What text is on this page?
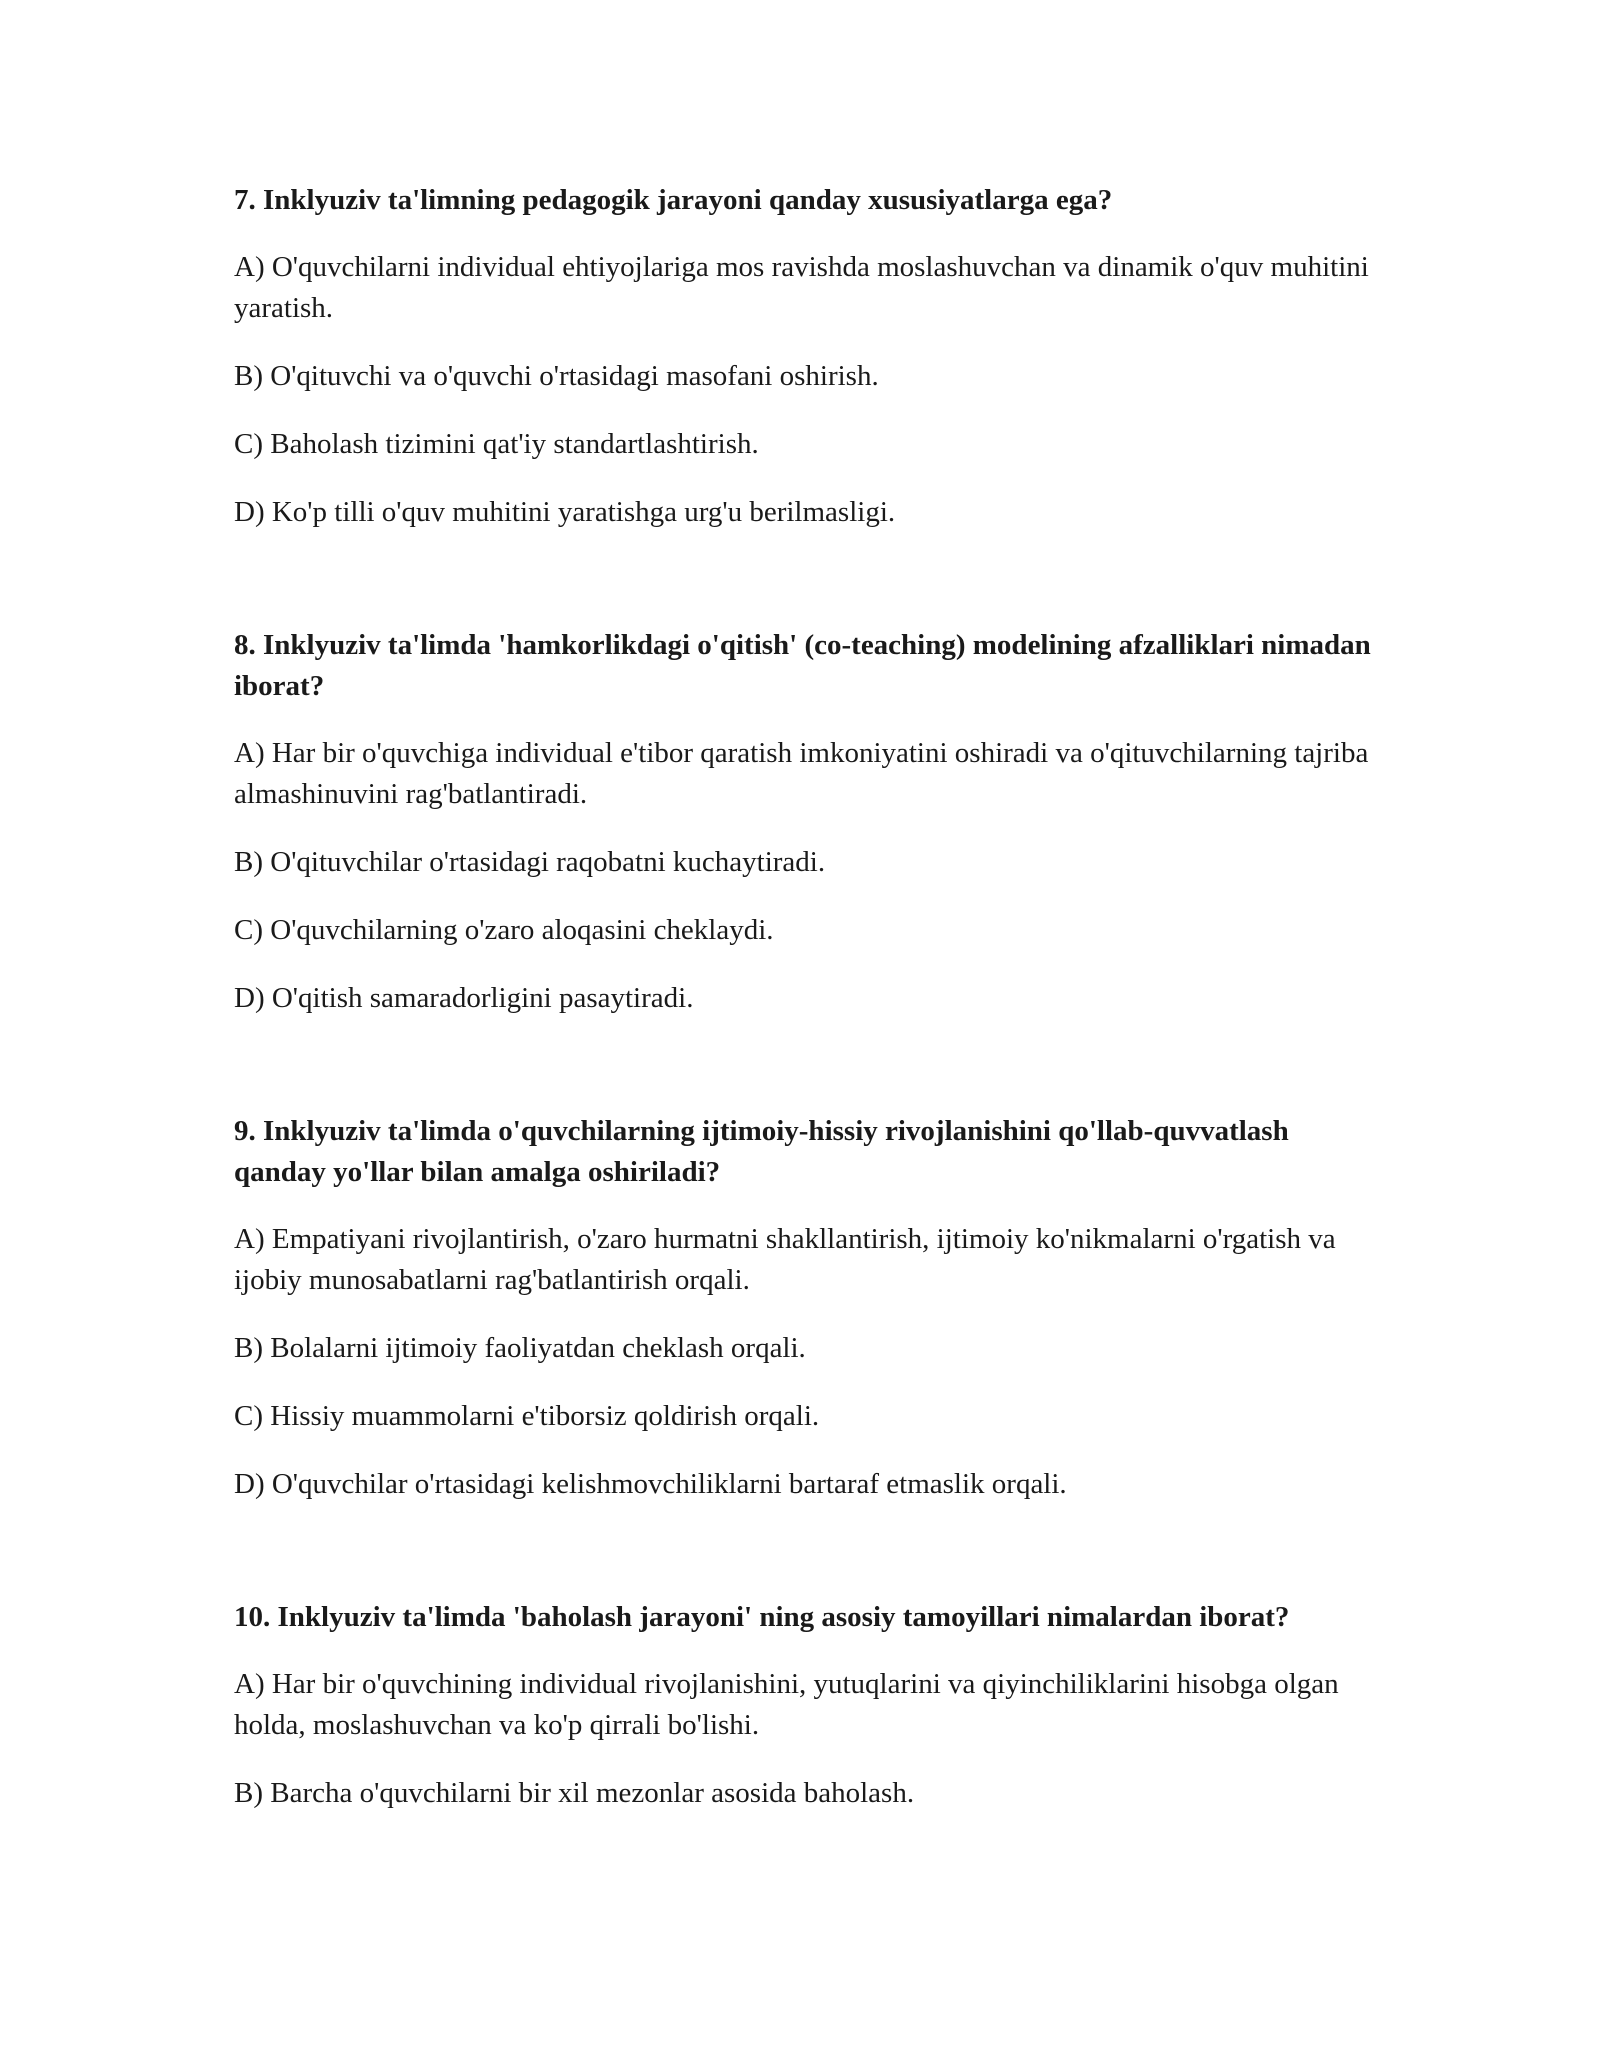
7. Inklyuziv ta'limning pedagogik jarayoni qanday xususiyatlarga ega?
A) O'quvchilarni individual ehtiyojlariga mos ravishda moslashuvchan va dinamik o'quv muhitini yaratish.
B) O'qituvchi va o'quvchi o'rtasidagi masofani oshirish.
C) Baholash tizimini qat'iy standartlashtirish.
D) Ko'p tilli o'quv muhitini yaratishga urg'u berilmasligi.
8. Inklyuziv ta'limda 'hamkorlikdagi o'qitish' (co-teaching) modelining afzalliklari nimadan iborat?
A) Har bir o'quvchiga individual e'tibor qaratish imkoniyatini oshiradi va o'qituvchilarning tajriba almashinuvini rag'batlantiradi.
B) O'qituvchilar o'rtasidagi raqobatni kuchaytiradi.
C) O'quvchilarning o'zaro aloqasini cheklaydi.
D) O'qitish samaradorligini pasaytiradi.
9. Inklyuziv ta'limda o'quvchilarning ijtimoiy-hissiy rivojlanishini qo'llab-quvvatlash qanday yo'llar bilan amalga oshiriladi?
A) Empatiyani rivojlantirish, o'zaro hurmatni shakllantirish, ijtimoiy ko'nikmalarni o'rgatish va ijobiy munosabatlarni rag'batlantirish orqali.
B) Bolalarni ijtimoiy faoliyatdan cheklash orqali.
C) Hissiy muammolarni e'tiborsiz qoldirish orqali.
D) O'quvchilar o'rtasidagi kelishmovchiliklarni bartaraf etmaslik orqali.
10. Inklyuziv ta'limda 'baholash jarayoni' ning asosiy tamoyillari nimalardan iborat?
A) Har bir o'quvchining individual rivojlanishini, yutuqlarini va qiyinchiliklarini hisobga olgan holda, moslashuvchan va ko'p qirrali bo'lishi.
B) Barcha o'quvchilarni bir xil mezonlar asosida baholash.
